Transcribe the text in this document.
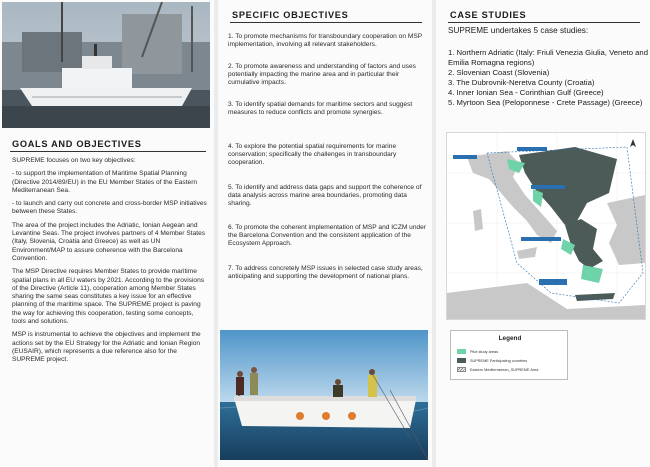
GOALS AND OBJECTIVES

SUPREME focuses on two key objectives:

- to support the implementation of Maritime Spatial Planning (Directive 2014/89/EU) in the EU Member States of the Eastern Mediterranean Sea.

- to launch and carry out concrete and cross-border MSP initiatives between these States.

The area of the project includes the Adriatic, Ionian Aegean and Levantine Seas. The project involves partners of 4 Member States (Italy, Slovenia, Croatia and Greece) as well as UN Environment/MAP to assure coherence with the Barcelona Convention.

The MSP Directive requires Member States to provide maritime spatial plans in all EU waters by 2021. According to the provisions of the Directive (Article 11), cooperation among Member States sharing the same seas constitutes a key issue for an effective planning of the maritime space. The SUPREME project is paving the way for achieving this cooperation, testing some concepts, tools and solutions.

MSP is instrumental to achieve the objectives and implement the actions set by the EU Strategy for the Adriatic and Ionian Region (EUSAIR), which represents a due reference also for the SUPREME project.

SPECIFIC OBJECTIVES
1. To promote mechanisms for transboundary cooperation on MSP implementation, involving all relevant stakeholders.
2. To promote awareness and understanding of factors and uses potentially impacting the marine area and in particular their cumulative impacts.
3. To identify spatial demands for maritime sectors and suggest measures to reduce conflicts and promote synergies.
4. To explore the potential spatial requirements for marine conservation; specifically the challenges in transboundary cooperation.
5. To identify and address data gaps and support the coherence of data analysis across marine area boundaries, promoting data sharing.
6. To promote the coherent implementation of MSP and ICZM under the Barcelona Convention and the consistent application of the Ecosystem Approach.
7. To address concretely MSP issues in selected case study areas, anticipating and supporting the development of national plans.
CASE STUDIES
SUPREME undertakes 5 case studies:
1. Northern Adriatic (Italy: Friuli Venezia Giulia, Veneto and Emilia Romagna regions)
2. Slovenian Coast (Slovenia)
3. The Dubrovnik-Neretva County (Croatia)
4. Inner Ionian Sea - Corinthian Gulf (Greece)
5. Myrtoon Sea (Peloponnese - Crete Passage) (Greece)
Legend
Pilot study areas
SUPREME Participating countries
Eastern Mediterranean_SUPREME Area
